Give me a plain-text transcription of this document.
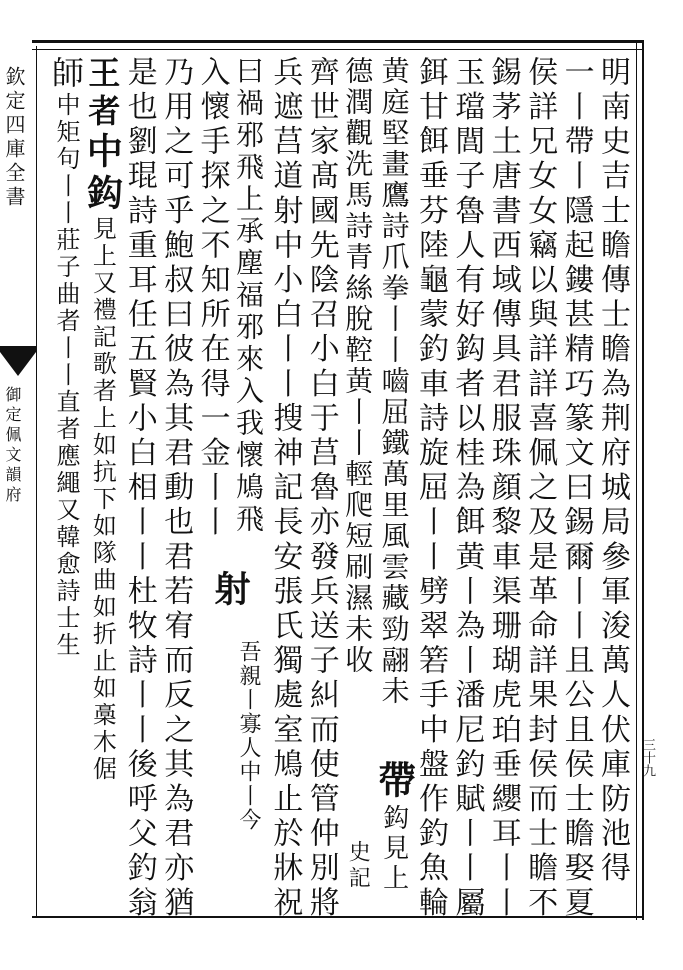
欽定四庫全書
御定佩文韻府
三十九
明南史吉士瞻傳士瞻為荆府城局參軍浚萬人伏庫防池得
一丨帶丨隱起鏤甚精巧篆文曰錫爾丨丨且公且侯士瞻娶夏
侯詳兄女女竊以與詳詳喜佩之及是革命詳果封侯而士瞻不
錫茅土唐書西域傳具君服珠顔黎車渠珊瑚虎珀垂纓耳丨丨
玉璫閭子魯人有好鈎者以桂為餌黄丨為丨潘尼釣賦丨丨屬
鉺甘餌垂芬陸龜蒙釣車詩旋屈丨丨劈翠箬手中盤作釣魚輪
黄庭堅畫鷹詩爪拳丨丨嚙屈鐵萬里風雲藏勁翮未
帶
鈎見上
德潤觀洗馬詩青絲脫鞚黄丨丨輕爬短刷濕未收
史記
齊世家髙國先陰召小白于莒魯亦發兵送子糾而使管仲別將
兵遮莒道射中小白丨丨搜神記長安張氏獨處室鳩止於牀祝
射
吾親丨寡人中丨今
王者
中鈎
見上又禮記歌者上如抗下如隊曲如折止如槀木倨
師
中矩句丨丨莊子曲者丨丨直者應繩又韓愈詩士生	乃用之可乎鮑叔曰彼為其君動也君若宥而反之其為君亦猶
是也劉琨詩重耳任五賢小白相丨丨杜牧詩丨丨後呼父釣翁	曰禍邪飛上承塵福邪來入我懷鳩飛
入懷手探之不知所在得一金丨丨
